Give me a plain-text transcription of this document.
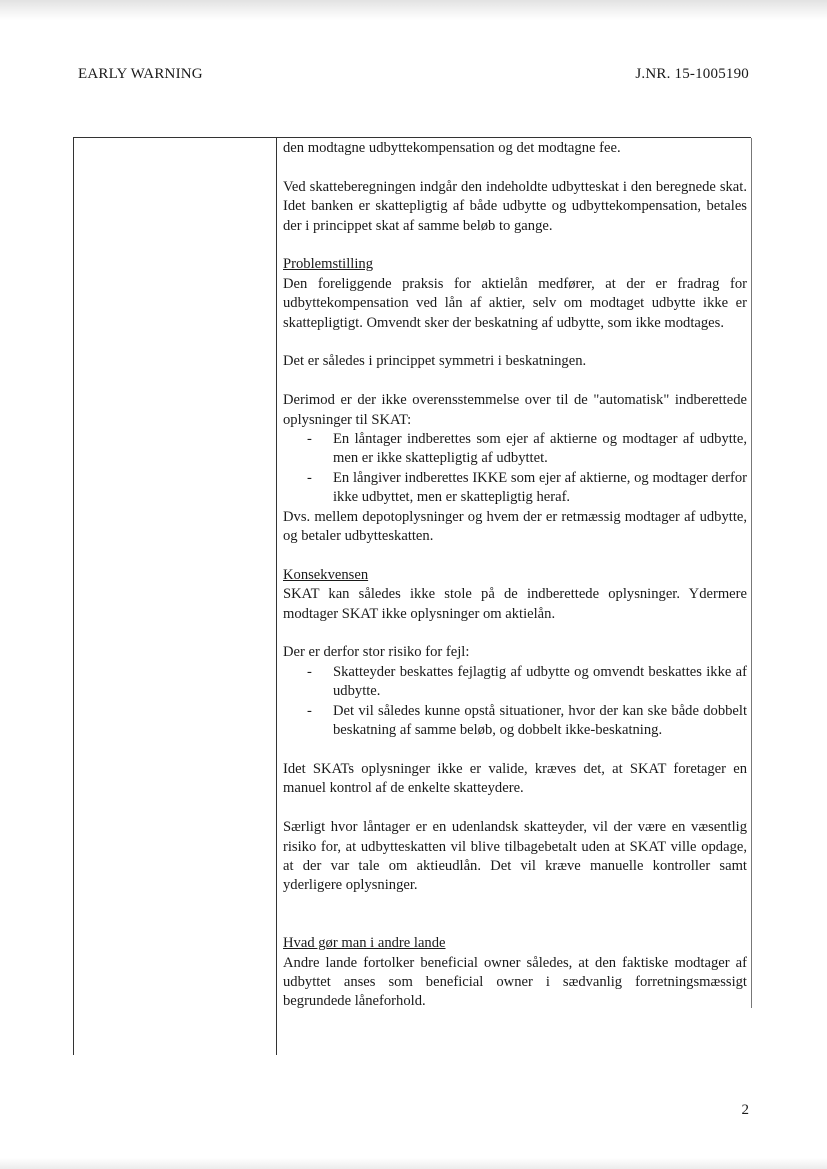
EARLY WARNING	J.NR. 15-1005190

den modtagne udbyttekompensation og det modtagne fee.

Ved skatteberegningen indgår den indeholdte udbytteskat i den beregnede skat. Idet banken er skattepligtig af både udbytte og udbyttekompensation, betales der i princippet skat af samme beløb to gange.

Problemstilling
Den foreliggende praksis for aktielån medfører, at der er fradrag for udbyttekompensation ved lån af aktier, selv om modtaget udbytte ikke er skattepligtigt. Omvendt sker der beskatning af udbytte, som ikke modtages.

Det er således i princippet symmetri i beskatningen.

Derimod er der ikke overensstemmelse over til de "automatisk" indberettede oplysninger til SKAT:

- En låntager indberettes som ejer af aktierne og modtager af udbytte, men er ikke skattepligtig af udbyttet.
- En långiver indberettes IKKE som ejer af aktierne, og modtager derfor ikke udbyttet, men er skattepligtig heraf.

Dvs. mellem depotoplysninger og hvem der er retmæssig modtager af udbytte, og betaler udbytteskatten.

Konsekvensen
SKAT kan således ikke stole på de indberettede oplysninger. Ydermere modtager SKAT ikke oplysninger om aktielån.

Der er derfor stor risiko for fejl:

- Skatteyder beskattes fejlagtig af udbytte og omvendt beskattes ikke af udbytte.
- Det vil således kunne opstå situationer, hvor der kan ske både dobbelt beskatning af samme beløb, og dobbelt ikke-beskatning.

Idet SKATs oplysninger ikke er valide, kræves det, at SKAT foretager en manuel kontrol af de enkelte skatteydere.

Særligt hvor låntager er en udenlandsk skatteyder, vil der være en væsentlig risiko for, at udbytteskatten vil blive tilbagebetalt uden at SKAT ville opdage, at der var tale om aktieudlån. Det vil kræve manuelle kontroller samt yderligere oplysninger.

Hvad gør man i andre lande
Andre lande fortolker beneficial owner således, at den faktiske modtager af udbyttet anses som beneficial owner i sædvanlig forretningsmæssigt begrundede låneforhold.

2
